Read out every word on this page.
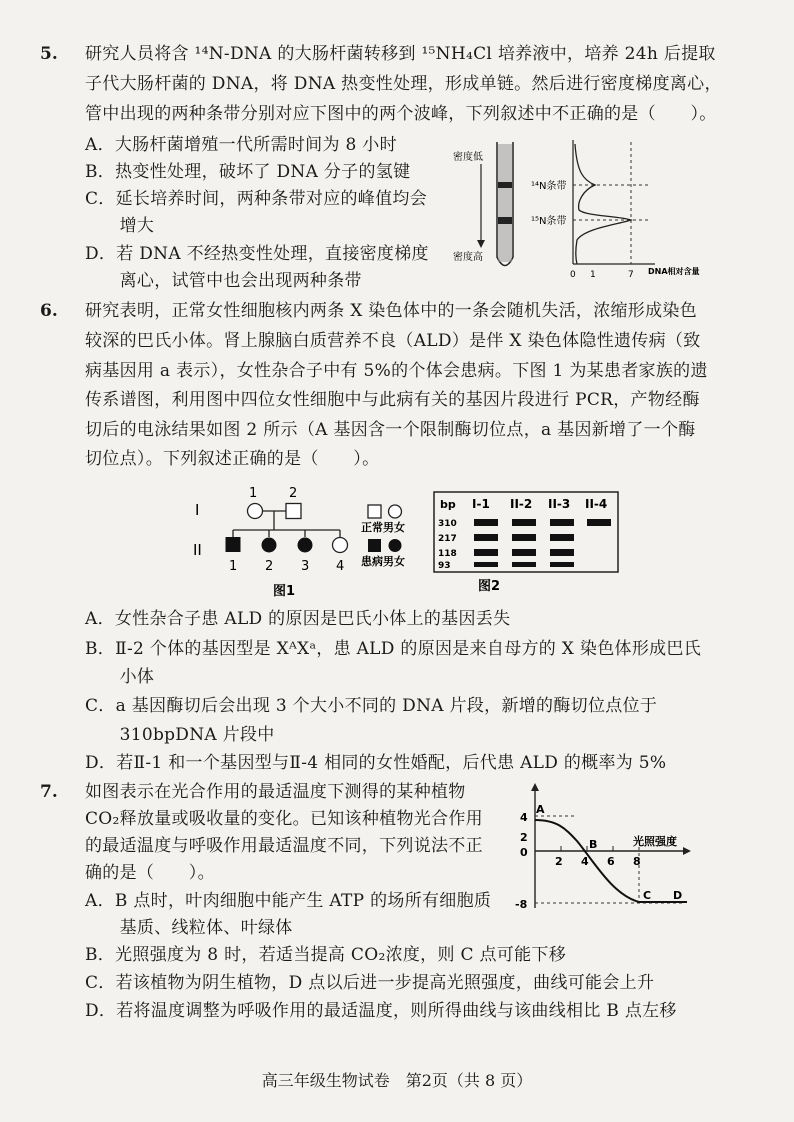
5. 研究人员将含 ¹⁴N-DNA 的大肠杆菌转移到 ¹⁵NH₄Cl 培养液中，培养 24h 后提取
子代大肠杆菌的 DNA，将 DNA 热变性处理，形成单链。然后进行密度梯度离心，
管中出现的两种条带分别对应下图中的两个波峰，下列叙述中不正确的是（　　）。
A．大肠杆菌增殖一代所需时间为 8 小时
B．热变性处理，破坏了 DNA 分子的氢键
C．延长培养时间，两种条带对应的峰值均会
　　增大
D．若 DNA 不经热变性处理，直接密度梯度
　　离心，试管中也会出现两种条带
密度低
密度高
¹⁴N条带
¹⁵N条带
0 1	7 DNA相对含量
6. 研究表明，正常女性细胞核内两条 X 染色体中的一条会随机失活，浓缩形成染色
较深的巴氏小体。肾上腺脑白质营养不良（ALD）是伴 X 染色体隐性遗传病（致
病基因用 a 表示），女性杂合子中有 5%的个体会患病。下图 1 为某患者家族的遗
传系谱图，利用图中四位女性细胞中与此病有关的基因片段进行 PCR，产物经酶
切后的电泳结果如图 2 所示（A 基因含一个限制酶切位点，a 基因新增了一个酶
切位点）。下列叙述正确的是（　　）。
I
II
1 2
1 2 3 4
正常男女
患病男女
图1
bp I-1 II-2 II-3 II-4
310
217
118
93
图2
A．女性杂合子患 ALD 的原因是巴氏小体上的基因丢失
B．Ⅱ-2 个体的基因型是 XᴬXᵃ，患 ALD 的原因是来自母方的 X 染色体形成巴氏
　　小体
C．a 基因酶切后会出现 3 个大小不同的 DNA 片段，新增的酶切位点位于
　　310bpDNA 片段中
D．若Ⅱ-1 和一个基因型与Ⅱ-4 相同的女性婚配，后代患 ALD 的概率为 5%
7. 如图表示在光合作用的最适温度下测得的某种植物
CO₂释放量或吸收量的变化。已知该种植物光合作用
的最适温度与呼吸作用最适温度不同，下列说法不正
确的是（　　）。
A．B 点时，叶肉细胞中能产生 ATP 的场所有细胞质
　　基质、线粒体、叶绿体
B．光照强度为 8 时，若适当提高 CO₂浓度，则 C 点可能下移
C．若该植物为阴生植物，D 点以后进一步提高光照强度，曲线可能会上升
D．若将温度调整为呼吸作用的最适温度，则所得曲线与该曲线相比 B 点左移
4
2
0
-8
2 4 6 8
光照强度
A
B
C D
高三年级生物试卷　第2页（共 8 页）
